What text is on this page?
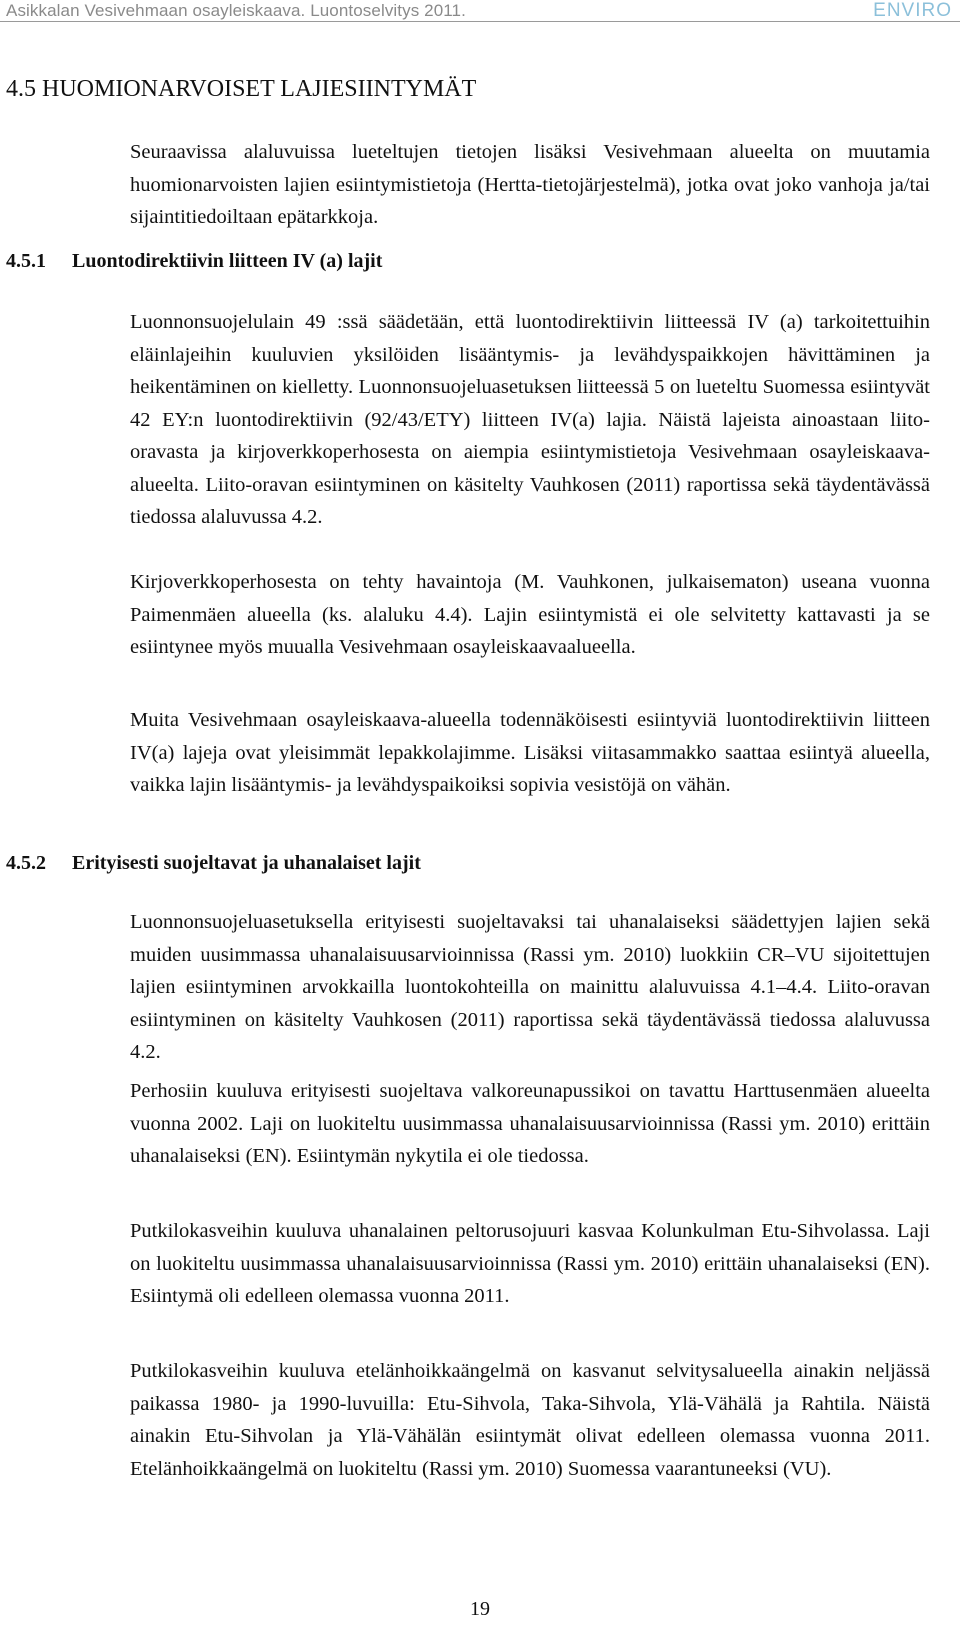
Asikkalan Vesivehmaan osayleiskaava. Luontoselvitys 2011.	ENVIRO
4.5 HUOMIONARVOISET LAJIESIINTYMÄT

Seuraavissa alaluvuissa lueteltujen tietojen lisäksi Vesivehmaan alueelta on muutamia huomionarvoisten lajien esiintymistietoja (Hertta-tietojärjestelmä), jotka ovat joko vanhoja ja/tai sijaintitiedoiltaan epätarkkoja.

4.5.1 Luontodirektiivin liitteen IV (a) lajit

Luonnonsuojelulain 49 :ssä säädetään, että luontodirektiivin liitteessä IV (a) tarkoitettuihin eläinlajeihin kuuluvien yksilöiden lisääntymis- ja levähdyspaikkojen hävittäminen ja heikentäminen on kielletty. Luonnonsuojeluasetuksen liitteessä 5 on lueteltu Suomessa esiintyvät 42 EY:n luontodirektiivin (92/43/ETY) liitteen IV(a) lajia. Näistä lajeista ainoastaan liito-oravasta ja kirjoverkkoperhosesta on aiempia esiintymistietoja Vesivehmaan osayleiskaavaalueelta. Liito-oravan esiintyminen on käsitelty Vauhkosen (2011) raportissa sekä täydentävässä tiedossa alaluvussa 4.2.

Kirjoverkkoperhosesta on tehty havaintoja (M. Vauhkonen, julkaisematon) useana vuonna Paimenmäen alueella (ks. alaluku 4.4). Lajin esiintymistä ei ole selvitetty kattavasti ja se esiintynee myös muualla Vesivehmaan osayleiskaavaalueella.

Muita Vesivehmaan osayleiskaava-alueella todennäköisesti esiintyviä luontodirektiivin liitteen IV(a) lajeja ovat yleisimmät lepakkolajimme. Lisäksi viitasammakko saattaa esiintyä alueella, vaikka lajin lisääntymis- ja levähdyspaikoiksi sopivia vesistöjä on vähän.

4.5.2 Erityisesti suojeltavat ja uhanalaiset lajit

Luonnonsuojeluasetuksella erityisesti suojeltavaksi tai uhanalaiseksi säädettyjen lajien sekä muiden uusimmassa uhanalaisuusarvioinnissa (Rassi ym. 2010) luokkiin CR–VU sijoitettujen lajien esiintyminen arvokkailla luontokohteilla on mainittu alaluvuissa 4.1–4.4. Liito-oravan esiintyminen on käsitelty Vauhkosen (2011) raportissa sekä täydentävässä tiedossa alaluvussa 4.2.

Perhosiin kuuluva erityisesti suojeltava valkoreunapussikoi on tavattu Harttusenmäen alueelta vuonna 2002. Laji on luokiteltu uusimmassa uhanalaisuusarvioinnissa (Rassi ym. 2010) erittäin uhanalaiseksi (EN). Esiintymän nykytila ei ole tiedossa.

Putkilokasveihin kuuluva uhanalainen peltorusojuuri kasvaa Kolunkulman Etu-Sihvolassa. Laji on luokiteltu uusimmassa uhanalaisuusarvioinnissa (Rassi ym. 2010) erittäin uhanalaiseksi (EN). Esiintymä oli edelleen olemassa vuonna 2011.

Putkilokasveihin kuuluva etelänhoikkaängelmä on kasvanut selvitysalueella ainakin neljässä paikassa 1980- ja 1990-luvuilla: Etu-Sihvola, Taka-Sihvola, Ylä-Vähälä ja Rahtila. Näistä ainakin Etu-Sihvolan ja Ylä-Vähälän esiintymät olivat edelleen olemassa vuonna 2011. Etelänhoikkaängelmä on luokiteltu (Rassi ym. 2010) Suomessa vaarantuneeksi (VU).

19
